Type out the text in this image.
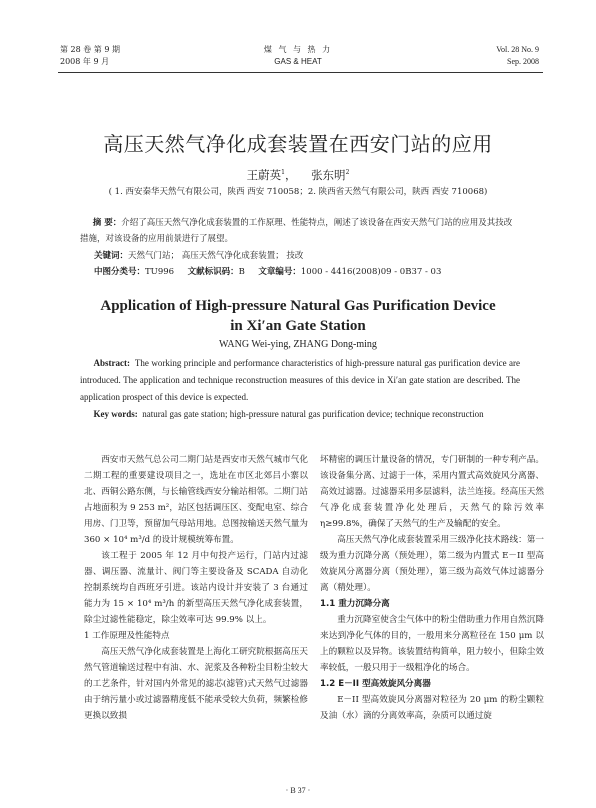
第 28 卷 第 9 期
2008 年 9 月
煤 气 与 热 力
GAS & HEAT
Vol. 28 No. 9
Sep. 2008
高压天然气净化成套装置在西安门站的应用
王蔚英$^1$， 张东明$^2$
( 1. 西安秦华天然气有限公司，陕西 西安 710058；2. 陕西省天然气有限公司，陕西 西安 710068)
摘 要：介绍了高压天然气净化成套装置的工作原理、性能特点，阐述了该设备在西安天然气门站的应用及其技改措施，对该设备的应用前景进行了展望。
关键词：天然气门站； 高压天然气净化成套装置； 技改
中图分类号：TU996 文献标识码：B 文章编号：1000 - 4416(2008)09 - 0B37 - 03
Application of High-pressure Natural Gas Purification Device
in Xi′an Gate Station
WANG Wei-ying, ZHANG Dong-ming
Abstract: The working principle and performance characteristics of high-pressure natural gas purification device are introduced. The application and technique reconstruction measures of this device in Xi′an gate station are described. The application prospect of this device is expected.
Key words: natural gas gate station; high-pressure natural gas purification device; technique reconstruction

西安市天然气总公司二期门站是西安市天然气城市气化二期工程的重要建设项目之一，选址在市区北郊吕小寨以北、西铜公路东侧，与长输管线西安分输站相邻。二期门站占地面积为 9 253 m²，站区包括调压区、变配电室、综合用房、门卫等，预留加气母站用地。总图按输送天然气量为 360 × 10⁴ m³/d 的设计规模统筹布置。

该工程于 2005 年 12 月中旬投产运行，门站内过滤器、调压器、流量计、阀门等主要设备及 SCADA 自动化控制系统均自西班牙引进。该站内设计并安装了 3 台通过能力为 15 × 10⁴ m³/h 的新型高压天然气净化成套装置，除尘过滤性能稳定，除尘效率可达 99.9% 以上。

1 工作原理及性能特点

高压天然气净化成套装置是上海化工研究院根据高压天然气管道输送过程中有油、水、泥浆及各种粉尘目粉尘较大的工艺条件，针对国内外常见的滤芯(滤管)式天然气过滤器由于纳污量小或过滤器精度低不能承受较大负荷，频繁检修更换以致损

坏精密的调压计量设备的情况，专门研制的一种专利产品。该设备集分离、过滤于一体，采用内置式高效旋风分离器、高效过滤器。过滤器采用多层滤料，法兰连接。经高压天然气净化成套装置净化处理后，天然气的除污效率 η≥99.8%，确保了天然气的生产及输配的安全。

高压天然气净化成套装置采用三级净化技术路线：第一级为重力沉降分离（预处理），第二级为内置式 E－II 型高效旋风分离器分离（预处理），第三级为高效气体过滤器分离（精处理）。

1.1 重力沉降分离

重力沉降室使含尘气体中的粉尘借助重力作用自然沉降来达到净化气体的目的，一般用来分离粒径在 150 μm 以上的颗粒以及异物。该装置结构简单，阻力较小，但除尘效率较低，一般只用于一级粗净化的场合。

1.2 E－II 型高效旋风分离器

E－II 型高效旋风分离器对粒径为 20 μm 的粉尘颗粒及油（水）滴的分离效率高，杂质可以通过旋

· B 37 ·
